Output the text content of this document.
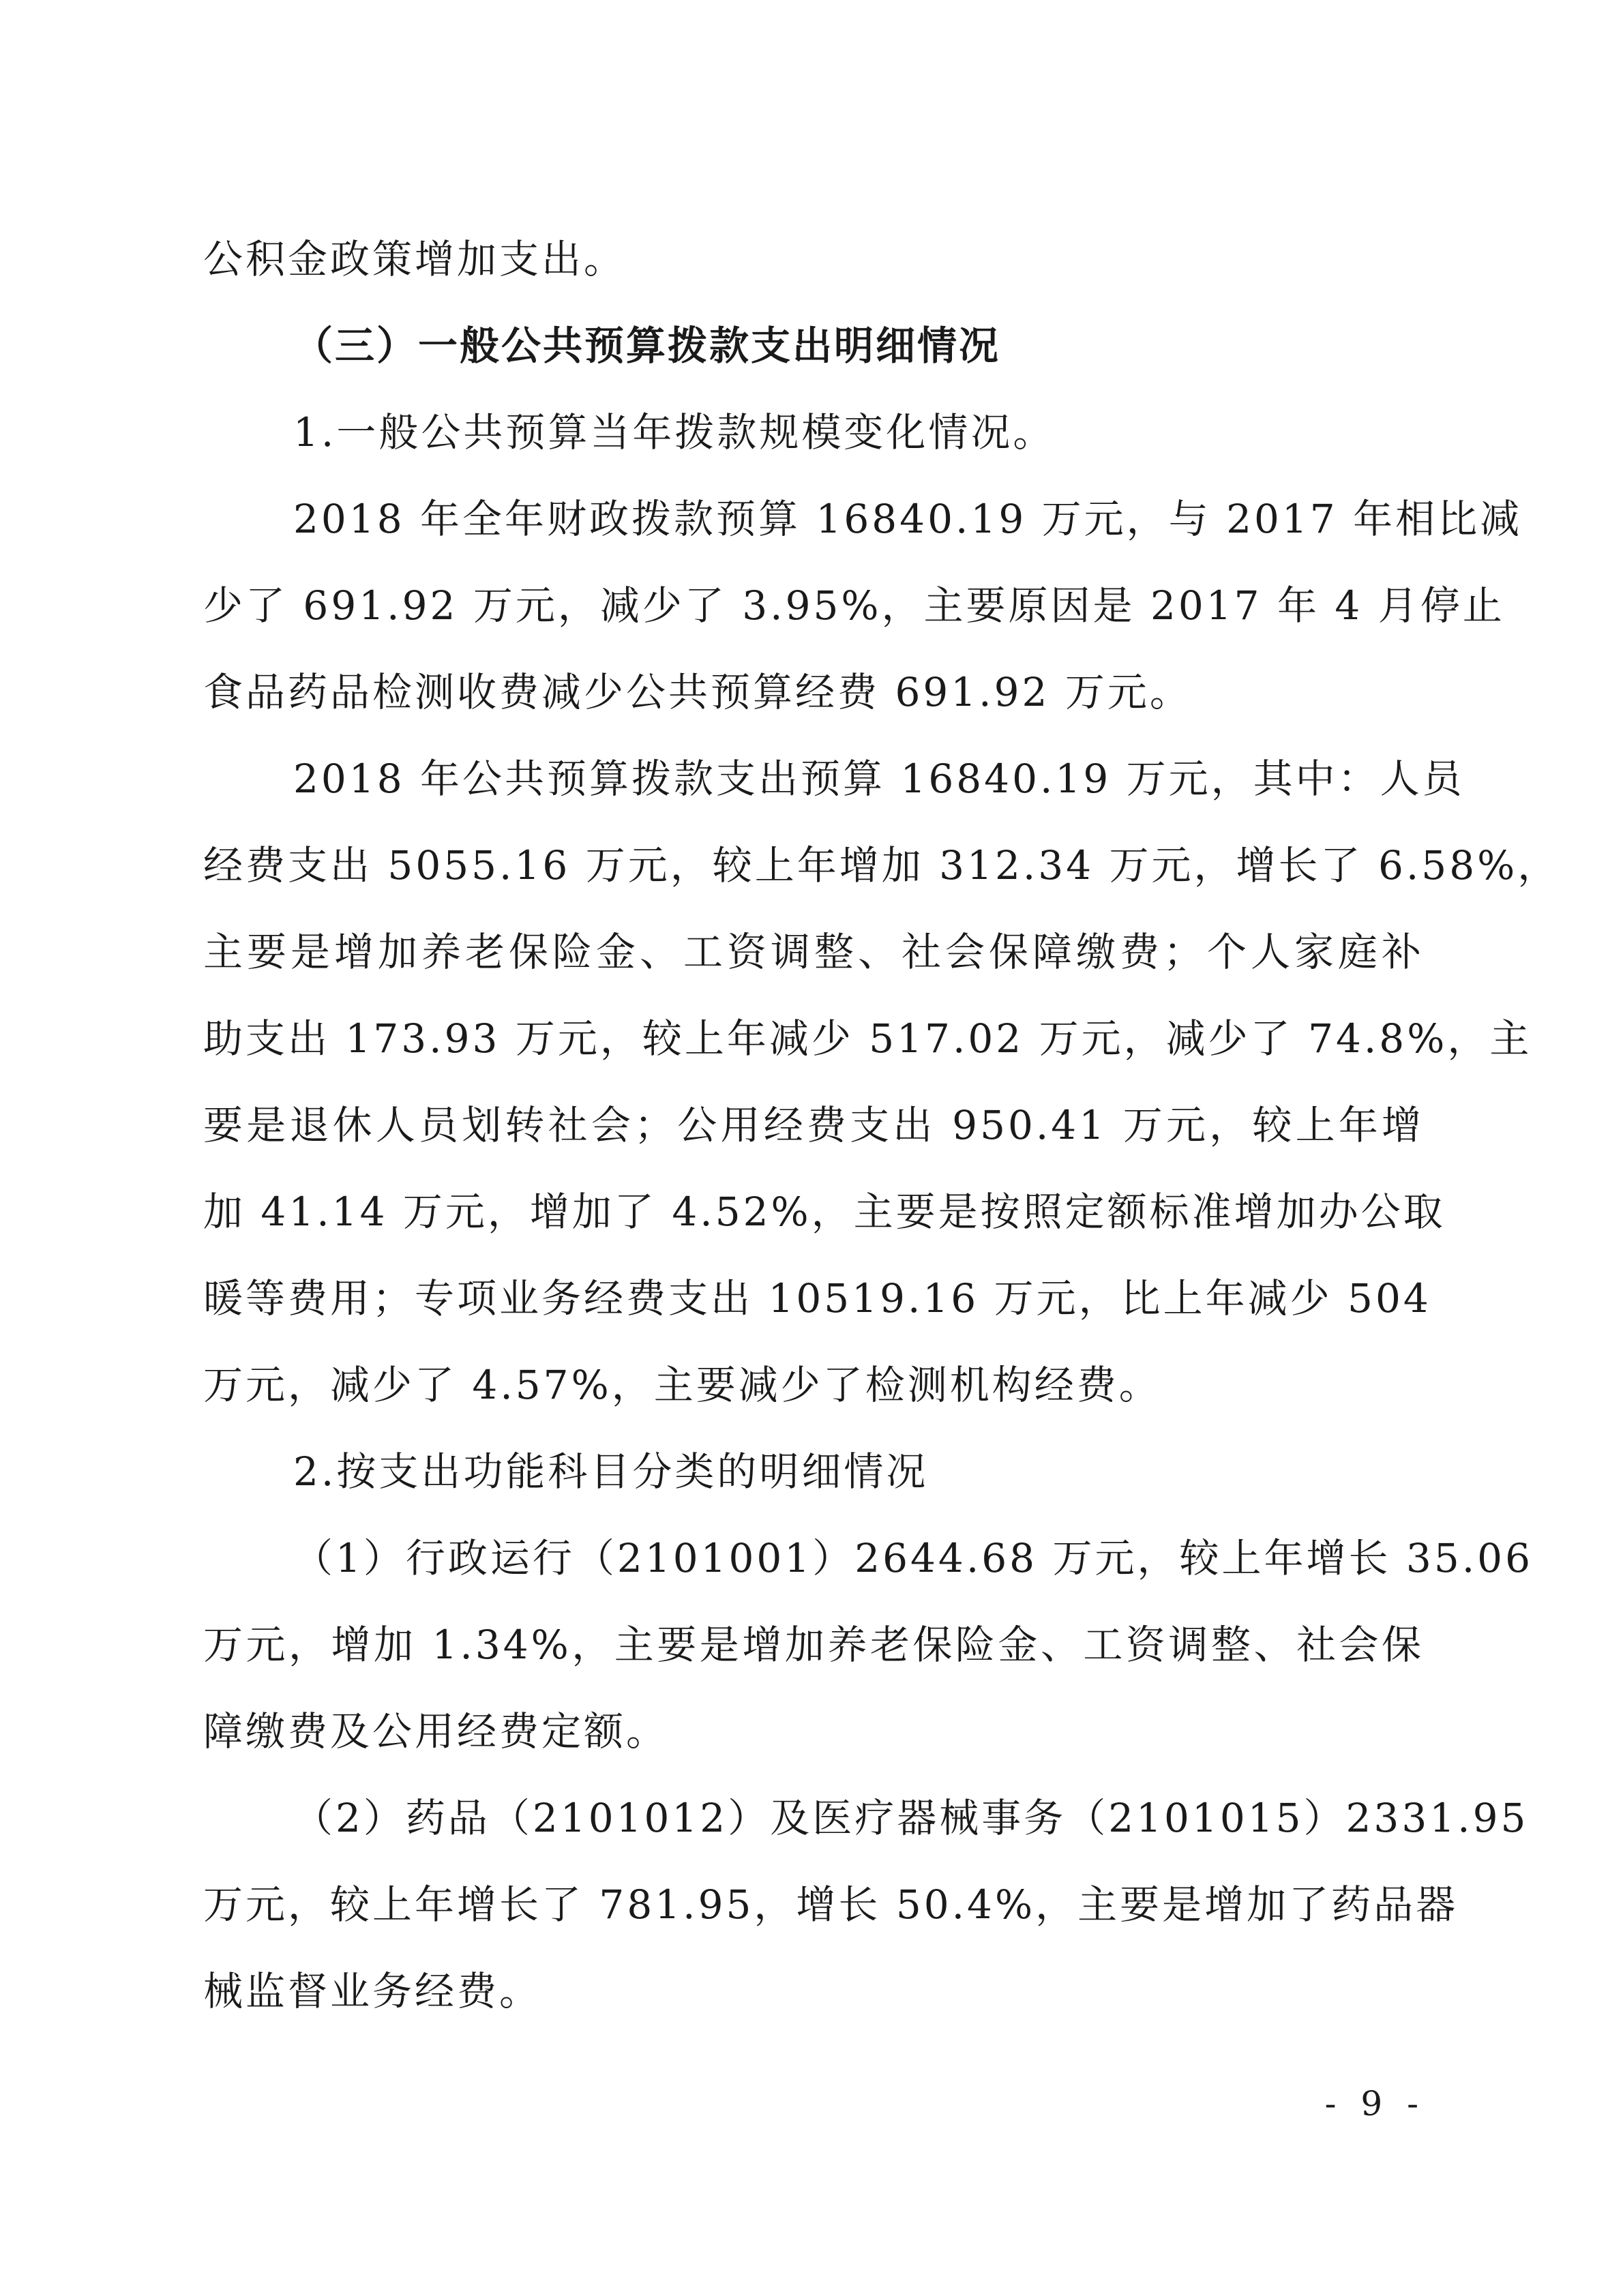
公积金政策增加支出。
（三）一般公共预算拨款支出明细情况
1.一般公共预算当年拨款规模变化情况。
2018 年全年财政拨款预算 16840.19 万元，与 2017 年相比减
少了 691.92 万元，减少了 3.95%，主要原因是 2017 年 4 月停止
食品药品检测收费减少公共预算经费 691.92 万元。
2018 年公共预算拨款支出预算 16840.19 万元，其中：人员
经费支出 5055.16 万元，较上年增加 312.34 万元，增长了 6.58%，
主要是增加养老保险金、工资调整、社会保障缴费；个人家庭补
助支出 173.93 万元，较上年减少 517.02 万元，减少了 74.8%，主
要是退休人员划转社会；公用经费支出 950.41 万元，较上年增
加 41.14 万元，增加了 4.52%，主要是按照定额标准增加办公取
暖等费用；专项业务经费支出 10519.16 万元，比上年减少 504
万元，减少了 4.57%，主要减少了检测机构经费。
2.按支出功能科目分类的明细情况
（1）行政运行（2101001）2644.68 万元，较上年增长 35.06
万元，增加 1.34%，主要是增加养老保险金、工资调整、社会保
障缴费及公用经费定额。
（2）药品（2101012）及医疗器械事务（2101015）2331.95
万元，较上年增长了 781.95，增长 50.4%，主要是增加了药品器
械监督业务经费。
- 9 -
